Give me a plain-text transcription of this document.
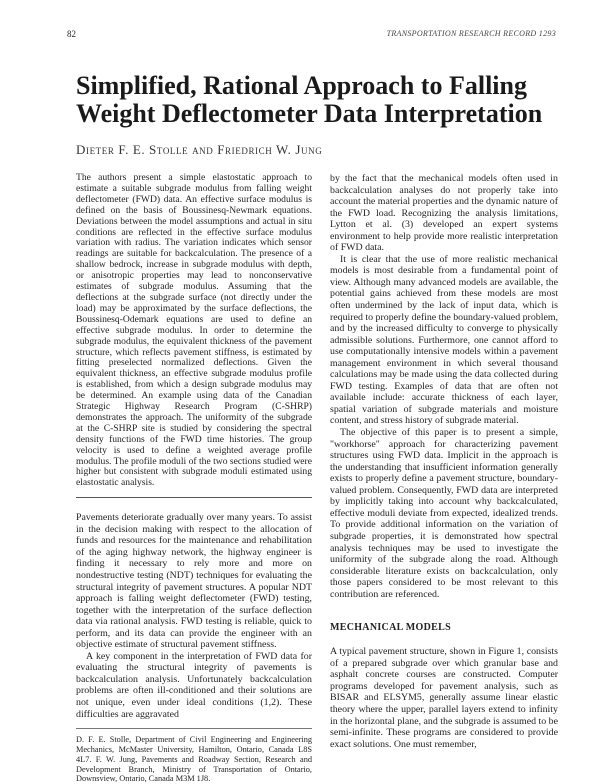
82	TRANSPORTATION RESEARCH RECORD 1293
Simplified, Rational Approach to Falling Weight Deflectometer Data Interpretation
Dieter F. E. Stolle and Friedrich W. Jung

The authors present a simple elastostatic approach to estimate a suitable subgrade modulus from falling weight deflectometer (FWD) data. An effective surface modulus is defined on the basis of Boussinesq-Newmark equations. Deviations between the model assumptions and actual in situ conditions are reflected in the effective surface modulus variation with radius. The variation indicates which sensor readings are suitable for backcalculation. The presence of a shallow bedrock, increase in subgrade modulus with depth, or anisotropic properties may lead to nonconservative estimates of subgrade modulus. Assuming that the deflections at the subgrade surface (not directly under the load) may be approximated by the surface deflections, the Boussinesq-Odemark equations are used to define an effective subgrade modulus. In order to determine the subgrade modulus, the equivalent thickness of the pavement structure, which reflects pavement stiffness, is estimated by fitting preselected normalized deflections. Given the equivalent thickness, an effective subgrade modulus profile is established, from which a design subgrade modulus may be determined. An example using data of the Canadian Strategic Highway Research Program (C-SHRP) demonstrates the approach. The uniformity of the subgrade at the C-SHRP site is studied by considering the spectral density functions of the FWD time histories. The group velocity is used to define a weighted average profile modulus. The profile moduli of the two sections studied were higher but consistent with subgrade moduli estimated using elastostatic analysis.

Pavements deteriorate gradually over many years. To assist in the decision making with respect to the allocation of funds and resources for the maintenance and rehabilitation of the aging highway network, the highway engineer is finding it necessary to rely more and more on nondestructive testing (NDT) techniques for evaluating the structural integrity of pavement structures. A popular NDT approach is falling weight deflectometer (FWD) testing, together with the interpretation of the surface deflection data via rational analysis. FWD testing is reliable, quick to perform, and its data can provide the engineer with an objective estimate of structural pavement stiffness.

A key component in the interpretation of FWD data for evaluating the structural integrity of pavements is backcalculation analysis. Unfortunately backcalculation problems are often ill-conditioned and their solutions are not unique, even under ideal conditions (1,2). These difficulties are aggravated

D. F. E. Stolle, Department of Civil Engineering and Engineering Mechanics, McMaster University, Hamilton, Ontario, Canada L8S 4L7. F. W. Jung, Pavements and Roadway Section, Research and Development Branch, Ministry of Transportation of Ontario, Downsview, Ontario, Canada M3M 1J8.

by the fact that the mechanical models often used in backcalculation analyses do not properly take into account the material properties and the dynamic nature of the FWD load. Recognizing the analysis limitations, Lytton et al. (3) developed an expert systems environment to help provide more realistic interpretation of FWD data.

It is clear that the use of more realistic mechanical models is most desirable from a fundamental point of view. Although many advanced models are available, the potential gains achieved from these models are most often undermined by the lack of input data, which is required to properly define the boundary-valued problem, and by the increased difficulty to converge to physically admissible solutions. Furthermore, one cannot afford to use computationally intensive models within a pavement management environment in which several thousand calculations may be made using the data collected during FWD testing. Examples of data that are often not available include: accurate thickness of each layer, spatial variation of subgrade materials and moisture content, and stress history of subgrade material.

The objective of this paper is to present a simple, "workhorse" approach for characterizing pavement structures using FWD data. Implicit in the approach is the understanding that insufficient information generally exists to properly define a pavement structure, boundary-valued problem. Consequently, FWD data are interpreted by implicitly taking into account why backcalculated, effective moduli deviate from expected, idealized trends. To provide additional information on the variation of subgrade properties, it is demonstrated how spectral analysis techniques may be used to investigate the uniformity of the subgrade along the road. Although considerable literature exists on backcalculation, only those papers considered to be most relevant to this contribution are referenced.

MECHANICAL MODELS

A typical pavement structure, shown in Figure 1, consists of a prepared subgrade over which granular base and asphalt concrete courses are constructed. Computer programs developed for pavement analysis, such as BISAR and ELSYM5, generally assume linear elastic theory where the upper, parallel layers extend to infinity in the horizontal plane, and the subgrade is assumed to be semi-infinite. These programs are considered to provide exact solutions. One must remember,
